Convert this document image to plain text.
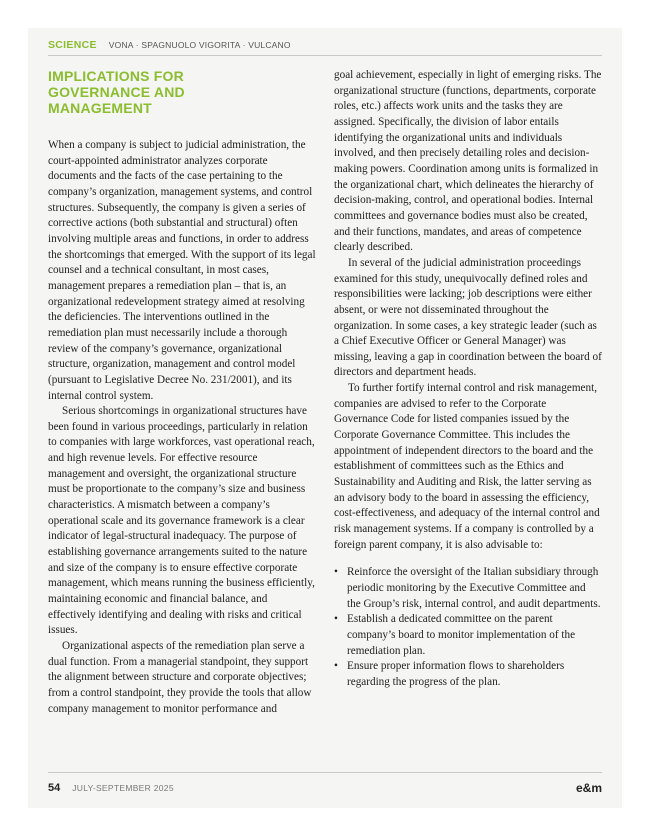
SCIENCE VONA · SPAGNUOLO VIGORITA · VULCANO
IMPLICATIONS FOR GOVERNANCE AND MANAGEMENT

When a company is subject to judicial administration, the court-appointed administrator analyzes corporate documents and the facts of the case pertaining to the company’s organization, management systems, and control structures. Subsequently, the company is given a series of corrective actions (both substantial and structural) often involving multiple areas and functions, in order to address the shortcomings that emerged. With the support of its legal counsel and a technical consultant, in most cases, management prepares a remediation plan – that is, an organizational redevelopment strategy aimed at resolving the deficiencies. The interventions outlined in the remediation plan must necessarily include a thorough review of the company’s governance, organizational structure, organization, management and control model (pursuant to Legislative Decree No. 231/2001), and its internal control system.

Serious shortcomings in organizational structures have been found in various proceedings, particularly in relation to companies with large workforces, vast operational reach, and high revenue levels. For effective resource management and oversight, the organizational structure must be proportionate to the company’s size and business characteristics. A mismatch between a company’s operational scale and its governance framework is a clear indicator of legal-structural inadequacy. The purpose of establishing governance arrangements suited to the nature and size of the company is to ensure effective corporate management, which means running the business efficiently, maintaining economic and financial balance, and effectively identifying and dealing with risks and critical issues.

Organizational aspects of the remediation plan serve a dual function. From a managerial standpoint, they support the alignment between structure and corporate objectives; from a control standpoint, they provide the tools that allow company management to monitor performance and

goal achievement, especially in light of emerging risks. The organizational structure (functions, departments, corporate roles, etc.) affects work units and the tasks they are assigned. Specifically, the division of labor entails identifying the organizational units and individuals involved, and then precisely detailing roles and decision-making powers. Coordination among units is formalized in the organizational chart, which delineates the hierarchy of decision-making, control, and operational bodies. Internal committees and governance bodies must also be created, and their functions, mandates, and areas of competence clearly described.

In several of the judicial administration proceedings examined for this study, unequivocally defined roles and responsibilities were lacking; job descriptions were either absent, or were not disseminated throughout the organization. In some cases, a key strategic leader (such as a Chief Executive Officer or General Manager) was missing, leaving a gap in coordination between the board of directors and department heads.

To further fortify internal control and risk management, companies are advised to refer to the Corporate Governance Code for listed companies issued by the Corporate Governance Committee. This includes the appointment of independent directors to the board and the establishment of committees such as the Ethics and Sustainability and Auditing and Risk, the latter serving as an advisory body to the board in assessing the efficiency, cost-effectiveness, and adequacy of the internal control and risk management systems. If a company is controlled by a foreign parent company, it is also advisable to:

• Reinforce the oversight of the Italian subsidiary through periodic monitoring by the Executive Committee and the Group’s risk, internal control, and audit departments.
• Establish a dedicated committee on the parent company’s board to monitor implementation of the remediation plan.
• Ensure proper information flows to shareholders regarding the progress of the plan.
54 JULY-SEPTEMBER 2025	e&m
